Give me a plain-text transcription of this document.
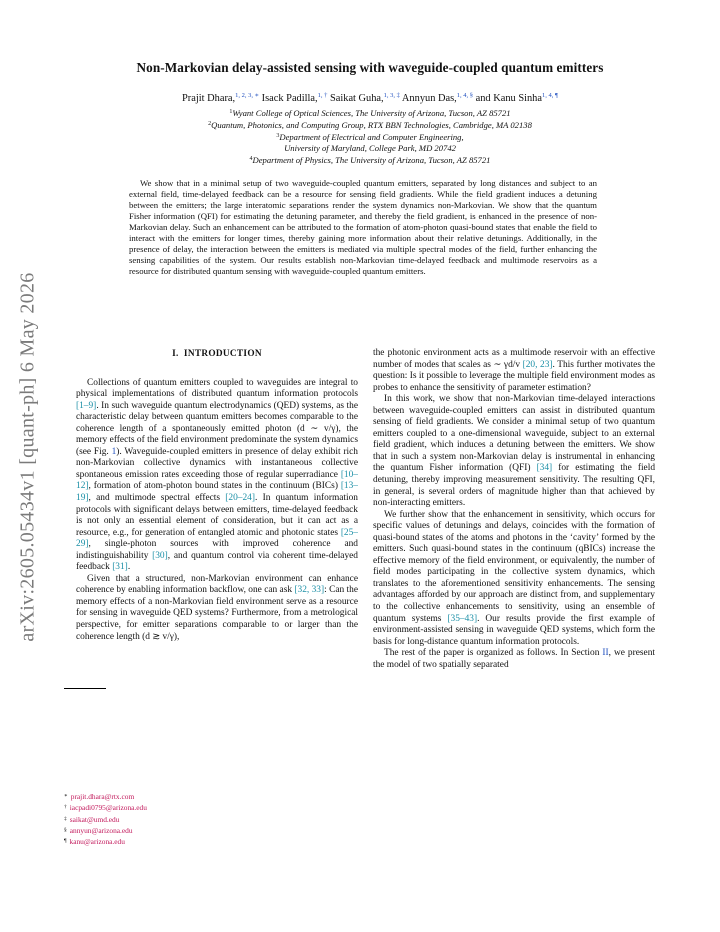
arXiv:2605.05434v1 [quant-ph] 6 May 2026
Non-Markovian delay-assisted sensing with waveguide-coupled quantum emitters
Prajit Dhara,$^{1, 2, 3, ∗}$ Isack Padilla,$^{1, \dagger}$ Saikat Guha,$^{1, 3, \ddagger}$ Annyun Das,$^{1, 4, \S}$ and Kanu Sinha$^{1, 4, \P}$
$^1$Wyant College of Optical Sciences, The University of Arizona, Tucson, AZ 85721
$^2$Quantum, Photonics, and Computing Group, RTX BBN Technologies, Cambridge, MA 02138
$^3$Department of Electrical and Computer Engineering,
University of Maryland, College Park, MD 20742
$^4$Department of Physics, The University of Arizona, Tucson, AZ 85721
We show that in a minimal setup of two waveguide-coupled quantum emitters, separated by long distances and subject to an external field, time-delayed feedback can be a resource for sensing field gradients. While the field gradient induces a detuning between the emitters; the large interatomic separations render the system dynamics non-Markovian. We show that the quantum Fisher information (QFI) for estimating the detuning parameter, and thereby the field gradient, is enhanced in the presence of non-Markovian delay. Such an enhancement can be attributed to the formation of atom-photon quasi-bound states that enable the field to interact with the emitters for longer times, thereby gaining more information about their relative detunings. Additionally, in the presence of delay, the interaction between the emitters is mediated via multiple spectral modes of the field, further enhancing the sensing capabilities of the system. Our results establish non-Markovian time-delayed feedback and multimode reservoirs as a resource for distributed quantum sensing with waveguide-coupled quantum emitters.
I. INTRODUCTION

Collections of quantum emitters coupled to waveguides are integral to physical implementations of distributed quantum information protocols [1–9]. In such waveguide quantum electrodynamics (QED) systems, as the characteristic delay between quantum emitters becomes comparable to the coherence length of a spontaneously emitted photon (d ∼ v/γ), the memory effects of the field environment predominate the system dynamics (see Fig. 1). Waveguide-coupled emitters in presence of delay exhibit rich non-Markovian collective dynamics with instantaneous collective spontaneous emission rates exceeding those of regular superradiance [10–12], formation of atom-photon bound states in the continuum (BICs) [13–19], and multimode spectral effects [20–24]. In quantum information protocols with significant delays between emitters, time-delayed feedback is not only an essential element of consideration, but it can act as a resource, e.g., for generation of entangled atomic and photonic states [25–29], single-photon sources with improved coherence and indistinguishability [30], and quantum control via coherent time-delayed feedback [31].

Given that a structured, non-Markovian environment can enhance coherence by enabling information backflow, one can ask [32, 33]: Can the memory effects of a non-Markovian field environment serve as a resource for sensing in waveguide QED systems? Furthermore, from a metrological perspective, for emitter separations comparable to or larger than the coherence length (d ≳ v/γ),

the photonic environment acts as a multimode reservoir with an effective number of modes that scales as ∼ γd/v [20, 23]. This further motivates the question: Is it possible to leverage the multiple field environment modes as probes to enhance the sensitivity of parameter estimation?

In this work, we show that non-Markovian time-delayed interactions between waveguide-coupled emitters can assist in distributed quantum sensing of field gradients. We consider a minimal setup of two quantum emitters coupled to a one-dimensional waveguide, subject to an external field gradient, which induces a detuning between the emitters. We show that in such a system non-Markovian delay is instrumental in enhancing the quantum Fisher information (QFI) [34] for estimating the field detuning, thereby improving measurement sensitivity. The resulting QFI, in general, is several orders of magnitude higher than that achieved by non-interacting emitters.

We further show that the enhancement in sensitivity, which occurs for specific values of detunings and delays, coincides with the formation of quasi-bound states of the atoms and photons in the ‘cavity’ formed by the emitters. Such quasi-bound states in the continuum (qBICs) increase the effective memory of the field environment, or equivalently, the number of field modes participating in the collective system dynamics, which translates to the aforementioned sensitivity enhancements. The sensing advantages afforded by our approach are distinct from, and supplementary to the collective enhancements to sensitivity, using an ensemble of quantum systems [35–43]. Our results provide the first example of environment-assisted sensing in waveguide QED systems, which form the basis for long-distance quantum information protocols.

The rest of the paper is organized as follows. In Section II, we present the model of two spatially separated

∗ prajit.dhara@rtx.com
† iacpadi0795@arizona.edu
‡ saikat@umd.edu
§ annyun@arizona.edu
¶ kanu@arizona.edu
